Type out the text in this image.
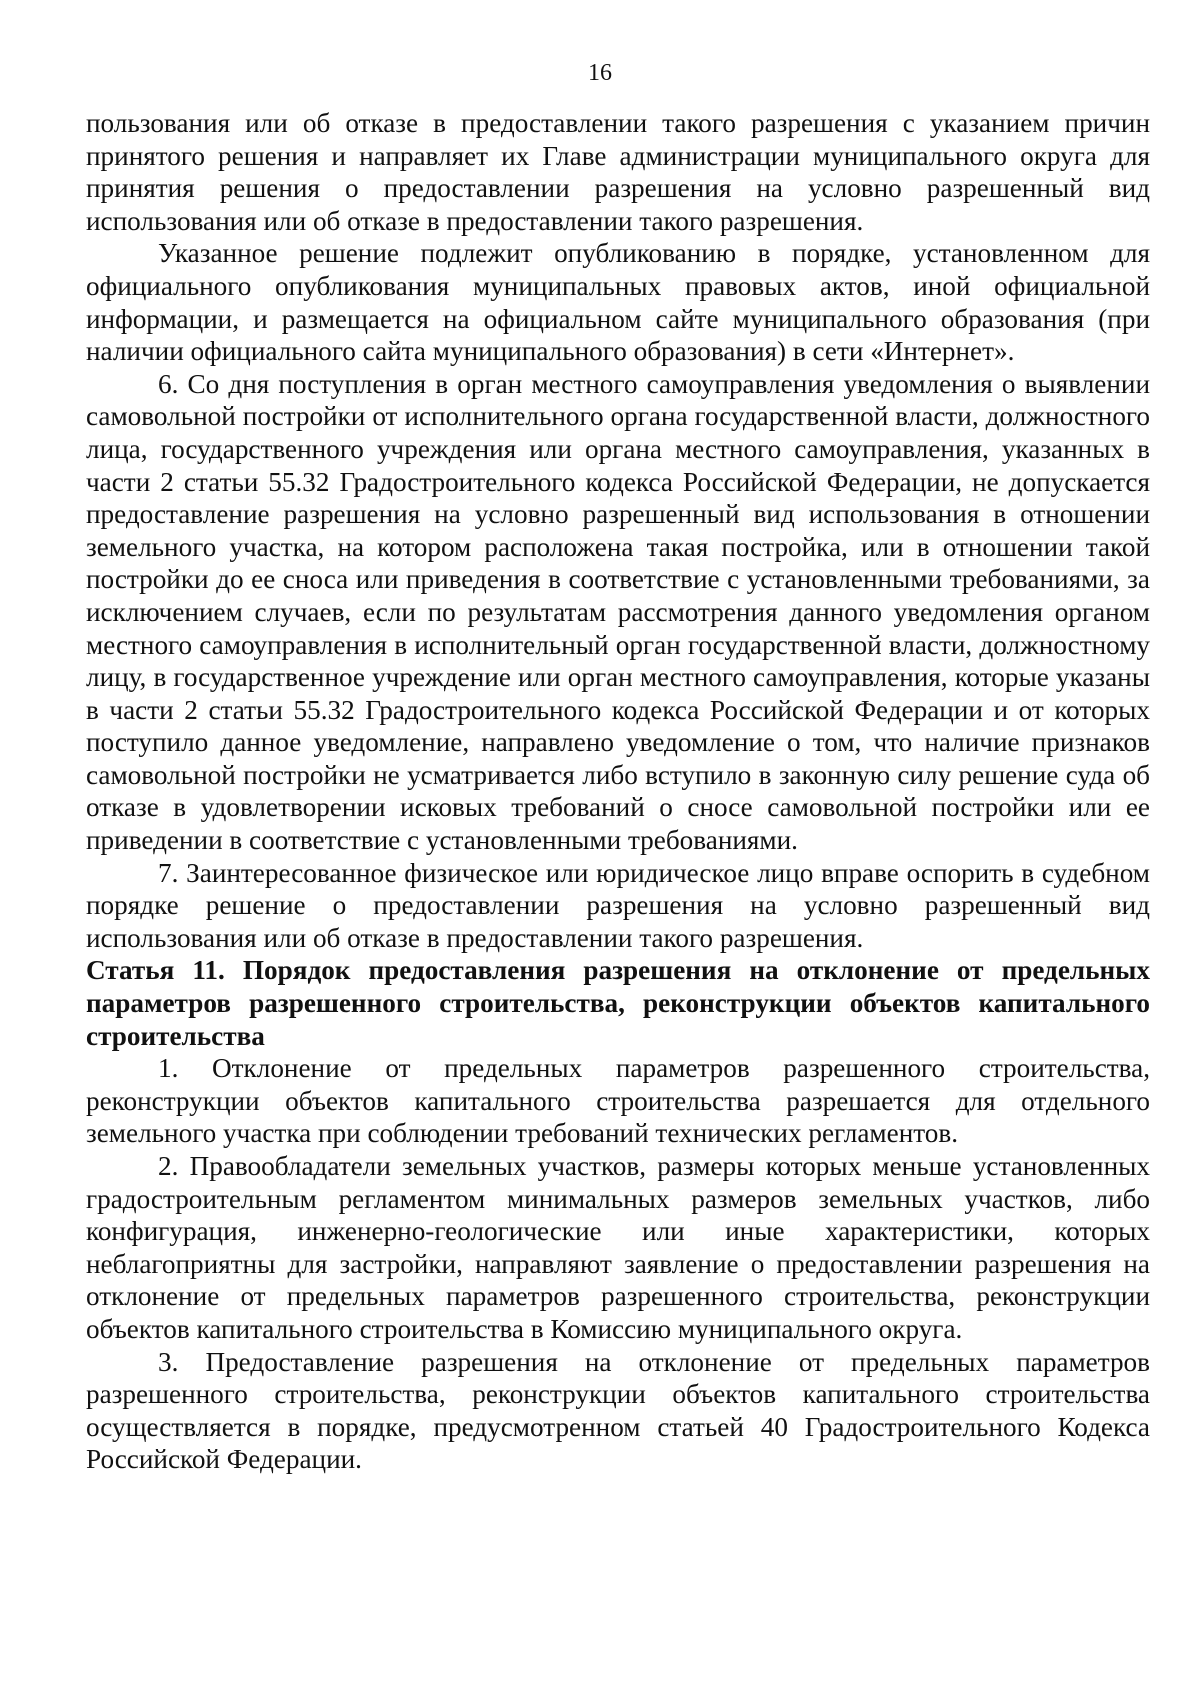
16

пользования или об отказе в предоставлении такого разрешения с указанием причин принятого решения и направляет их Главе администрации муниципального округа для принятия решения о предоставлении разрешения на условно разрешенный вид использования или об отказе в предоставлении такого разрешения.

Указанное решение подлежит опубликованию в порядке, установленном для официального опубликования муниципальных правовых актов, иной официальной информации, и размещается на официальном сайте муниципального образования (при наличии официального сайта муниципального образования) в сети «Интернет».

6. Со дня поступления в орган местного самоуправления уведомления о выявлении самовольной постройки от исполнительного органа государственной власти, должностного лица, государственного учреждения или органа местного самоуправления, указанных в части 2 статьи 55.32 Градостроительного кодекса Российской Федерации, не допускается предоставление разрешения на условно разрешенный вид использования в отношении земельного участка, на котором расположена такая постройка, или в отношении такой постройки до ее сноса или приведения в соответствие с установленными требованиями, за исключением случаев, если по результатам рассмотрения данного уведомления органом местного самоуправления в исполнительный орган государственной власти, должностному лицу, в государственное учреждение или орган местного самоуправления, которые указаны в части 2 статьи 55.32 Градостроительного кодекса Российской Федерации и от которых поступило данное уведомление, направлено уведомление о том, что наличие признаков самовольной постройки не усматривается либо вступило в законную силу решение суда об отказе в удовлетворении исковых требований о сносе самовольной постройки или ее приведении в соответствие с установленными требованиями.

7. Заинтересованное физическое или юридическое лицо вправе оспорить в судебном порядке решение о предоставлении разрешения на условно разрешенный вид использования или об отказе в предоставлении такого разрешения.

Статья 11. Порядок предоставления разрешения на отклонение от предельных параметров разрешенного строительства, реконструкции объектов капитального строительства

1. Отклонение от предельных параметров разрешенного строительства, реконструкции объектов капитального строительства разрешается для отдельного земельного участка при соблюдении требований технических регламентов.

2. Правообладатели земельных участков, размеры которых меньше установленных градостроительным регламентом минимальных размеров земельных участков, либо конфигурация, инженерно-геологические или иные характеристики, которых неблагоприятны для застройки, направляют заявление о предоставлении разрешения на отклонение от предельных параметров разрешенного строительства, реконструкции объектов капитального строительства в Комиссию муниципального округа.

3. Предоставление разрешения на отклонение от предельных параметров разрешенного строительства, реконструкции объектов капитального строительства осуществляется в порядке, предусмотренном статьей 40 Градостроительного Кодекса Российской Федерации.
